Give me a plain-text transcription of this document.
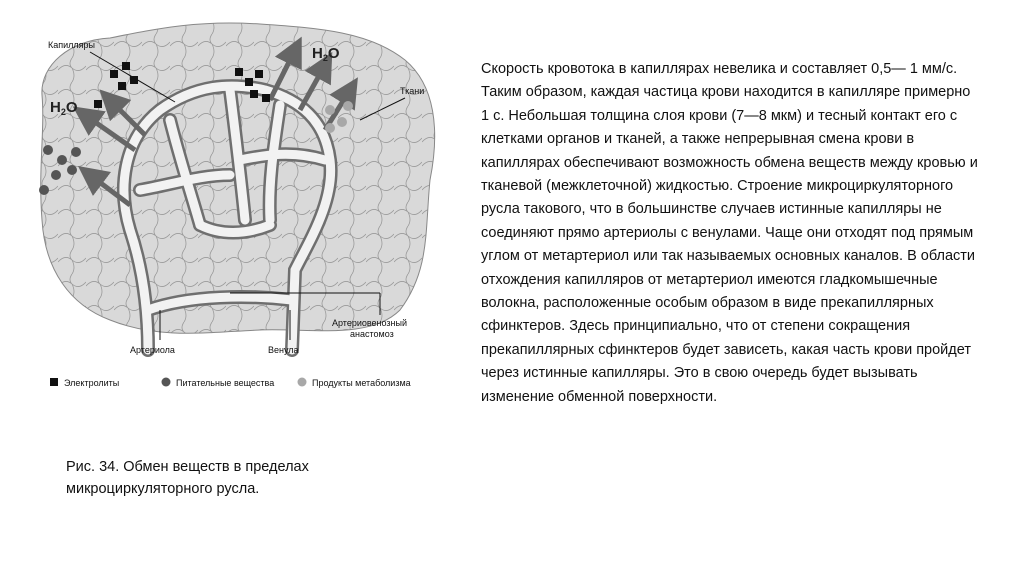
$H_2O$
$H_2O$
Капилляры
Ткани
Артериола	Венула
Артериовенозный
анастомоз
Электролиты	Питательные вещества	Продукты метаболизма
Рис. 34. Обмен веществ в пределах микроциркуляторного русла.

Скорость кровотока в капиллярах невелика и составляет 0,5— 1 мм/с. Таким образом, каждая частица крови находится в капилляре примерно 1 с. Небольшая толщина слоя крови (7—8 мкм) и тесный контакт его с клетками органов и тканей, а также непрерывная смена крови в капиллярах обеспечивают возможность обмена веществ между кровью и тканевой (межклеточной) жидкостью. Строение микроциркуляторного русла такового, что в большинстве случаев истинные капилляры не соединяют прямо артериолы с венулами. Чаще они отходят под прямым углом от метартериол или так называемых основных каналов. В области отхождения капилляров от метартериол имеются гладкомышечные волокна, расположенные особым образом в виде прекапиллярных сфинктеров. Здесь принципиально, что от степени сокращения прекапиллярных сфинктеров будет зависеть, какая часть крови пройдет через истинные капилляры. Это в свою очередь будет вызывать изменение обменной поверхности.
